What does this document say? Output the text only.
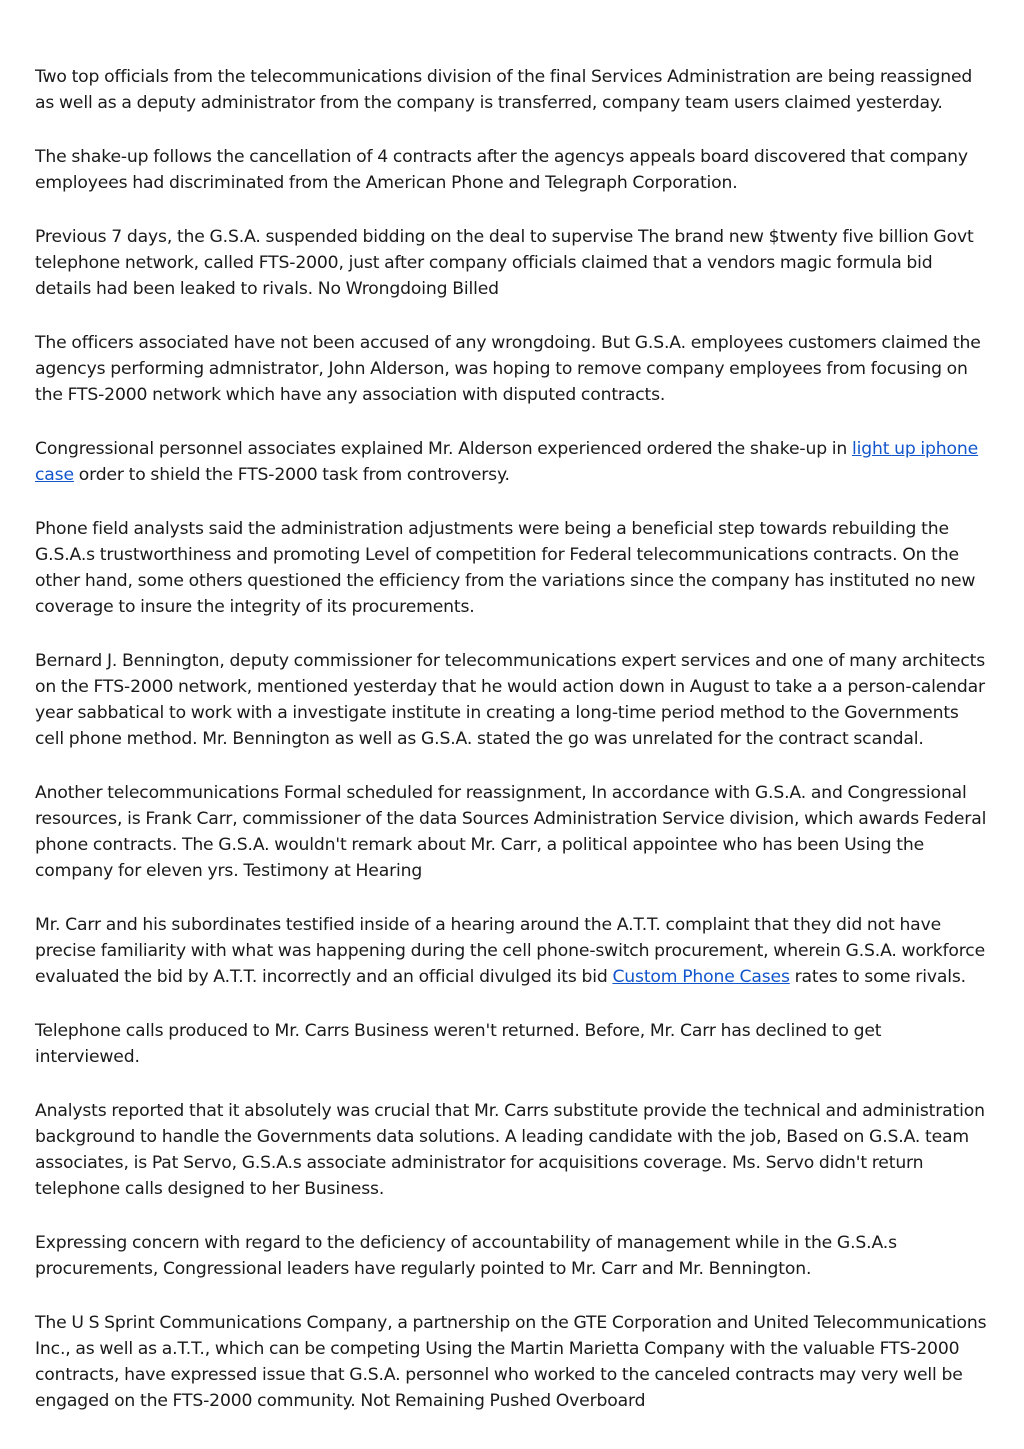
Two top officials from the telecommunications division of the final Services Administration are being reassigned as well as a deputy administrator from the company is transferred, company team users claimed yesterday.

The shake-up follows the cancellation of 4 contracts after the agencys appeals board discovered that company employees had discriminated from the American Phone and Telegraph Corporation.

Previous 7 days, the G.S.A. suspended bidding on the deal to supervise The brand new $twenty five billion Govt telephone network, called FTS-2000, just after company officials claimed that a vendors magic formula bid details had been leaked to rivals. No Wrongdoing Billed

The officers associated have not been accused of any wrongdoing. But G.S.A. employees customers claimed the agencys performing admnistrator, John Alderson, was hoping to remove company employees from focusing on the FTS-2000 network which have any association with disputed contracts.

Congressional personnel associates explained Mr. Alderson experienced ordered the shake-up in light up iphone case order to shield the FTS-2000 task from controversy.

Phone field analysts said the administration adjustments were being a beneficial step towards rebuilding the G.S.A.s trustworthiness and promoting Level of competition for Federal telecommunications contracts. On the other hand, some others questioned the efficiency from the variations since the company has instituted no new coverage to insure the integrity of its procurements.

Bernard J. Bennington, deputy commissioner for telecommunications expert services and one of many architects on the FTS-2000 network, mentioned yesterday that he would action down in August to take a a person-calendar year sabbatical to work with a investigate institute in creating a long-time period method to the Governments cell phone method. Mr. Bennington as well as G.S.A. stated the go was unrelated for the contract scandal.

Another telecommunications Formal scheduled for reassignment, In accordance with G.S.A. and Congressional resources, is Frank Carr, commissioner of the data Sources Administration Service division, which awards Federal phone contracts. The G.S.A. wouldn't remark about Mr. Carr, a political appointee who has been Using the company for eleven yrs. Testimony at Hearing

Mr. Carr and his subordinates testified inside of a hearing around the A.T.T. complaint that they did not have precise familiarity with what was happening during the cell phone-switch procurement, wherein G.S.A. workforce evaluated the bid by A.T.T. incorrectly and an official divulged its bid Custom Phone Cases rates to some rivals.

Telephone calls produced to Mr. Carrs Business weren't returned. Before, Mr. Carr has declined to get interviewed.

Analysts reported that it absolutely was crucial that Mr. Carrs substitute provide the technical and administration background to handle the Governments data solutions. A leading candidate with the job, Based on G.S.A. team associates, is Pat Servo, G.S.A.s associate administrator for acquisitions coverage. Ms. Servo didn't return telephone calls designed to her Business.

Expressing concern with regard to the deficiency of accountability of management while in the G.S.A.s procurements, Congressional leaders have regularly pointed to Mr. Carr and Mr. Bennington.

The U S Sprint Communications Company, a partnership on the GTE Corporation and United Telecommunications Inc., as well as a.T.T., which can be competing Using the Martin Marietta Company with the valuable FTS-2000 contracts, have expressed issue that G.S.A. personnel who worked to the canceled contracts may very well be engaged on the FTS-2000 community. Not Remaining Pushed Overboard
